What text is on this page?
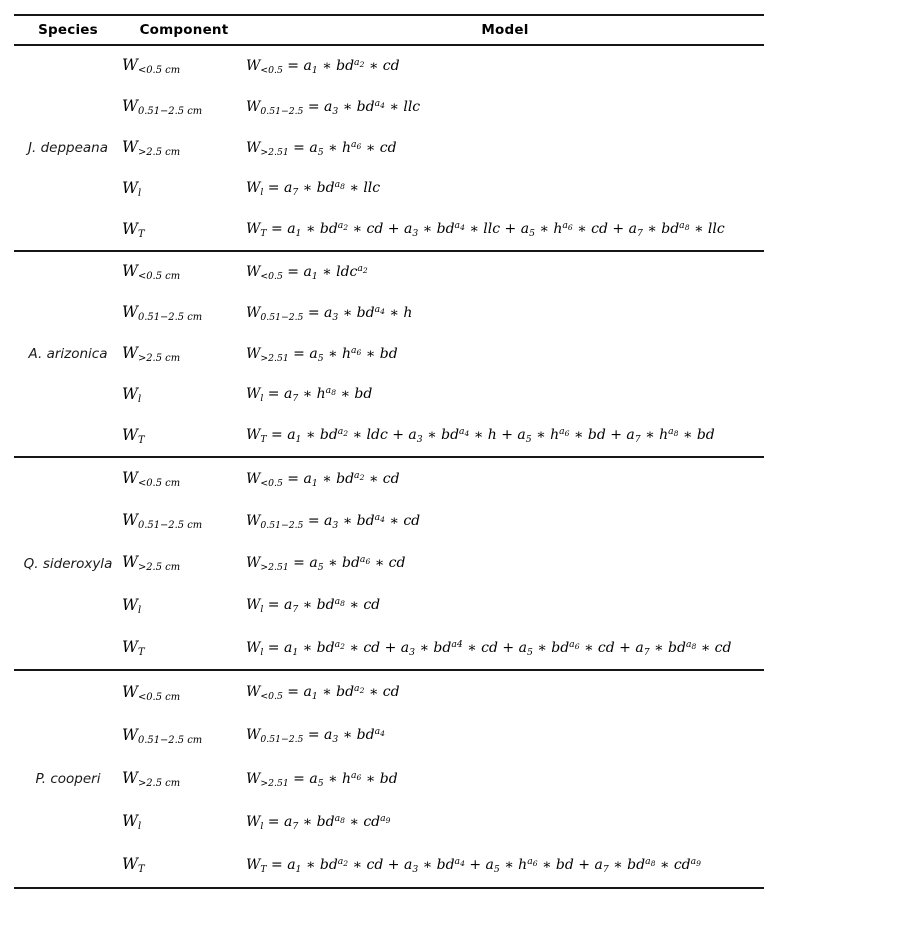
Species	Component	Model
J. deppeana
$W_{<0.5 cm}$	$W_{<0.5} = a_1$ ∗ $bd^{a_2}$ ∗ cd
$W_{0.51-2.5 cm}$	$W_{0.51-2.5} = a_3$ ∗ $bd^{a_4}$ ∗ llc
$W_{>2.5 cm}$	$W_{>2.51} = a_5$ ∗ $h^{a_6}$ ∗ cd
$W_l$	$W_l = a_7$ ∗ $bd^{a_8}$ ∗ llc
$W_T$	$W_T = a_1$ ∗ $bd^{a_2}$ ∗ cd + $a_3$ ∗ $bd^{a_4}$ ∗ llc + $a_5$ ∗ $h^{a_6}$ ∗ cd + $a_7$ ∗ $bd^{a_8}$ ∗ llc
A. arizonica
$W_{<0.5 cm}$	$W_{<0.5} = a_1$ ∗ ldc$^{a_2}$
$W_{0.51-2.5 cm}$	$W_{0.51-2.5} = a_3$ ∗ $bd^{a_4}$ ∗ h
$W_{>2.5 cm}$	$W_{>2.51} = a_5$ ∗ $h^{a_6}$ ∗ bd
$W_l$	$W_l = a_7$ ∗ $h^{a_8}$ ∗ bd
$W_T$	$W_T = a_1$ ∗ $bd^{a_2}$ ∗ ldc + $a_3$ ∗ $bd^{a_4}$ ∗ $h + a_5$ ∗ $h^{a_6}$ ∗ bd + $a_7$ ∗ $h^{a_8}$ ∗ bd
Q. sideroxyla
$W_{<0.5 cm}$	$W_{<0.5} = a_1$ ∗ $bd^{a_2}$ ∗ cd
$W_{0.51-2.5 cm}$	$W_{0.51-2.5} = a_3$ ∗ $bd^{a_4}$ ∗ cd
$W_{>2.5 cm}$	$W_{>2.51} = a_5$ ∗ $bd^{a_6}$ ∗ cd
$W_l$	$W_l = a_7$ ∗ $bd^{a_8}$ ∗ cd
$W_T$	$W_l = a_1$ ∗ $bd^{a_2}$ ∗ cd + $a_3$ ∗ $bd^{a4}$ ∗ cd + $a_5$ ∗ $bd^{a_6}$ ∗ cd + $a_7$ ∗ $bd^{a_8}$ ∗ cd
P. cooperi
$W_{<0.5 cm}$	$W_{<0.5} = a_1$ ∗ $bd^{a_2}$ ∗ cd
$W_{0.51-2.5 cm}$	$W_{0.51-2.5} = a_3$ ∗ $bd^{a_4}$
$W_{>2.5 cm}$	$W_{>2.51} = a_5$ ∗ $h^{a_6}$ ∗ bd
$W_l$	$W_l = a_7$ ∗ $bd^{a_8}$ ∗ $cd^{a_9}$
$W_T$	$W_T = a_1$ ∗ $bd^{a_2}$ ∗ cd + $a_3$ ∗ $bd^{a_4} + a_5$ ∗ $h^{a_6}$ ∗ bd + $a_7$ ∗ $bd^{a_8}$ ∗ $cd^{a_9}$
